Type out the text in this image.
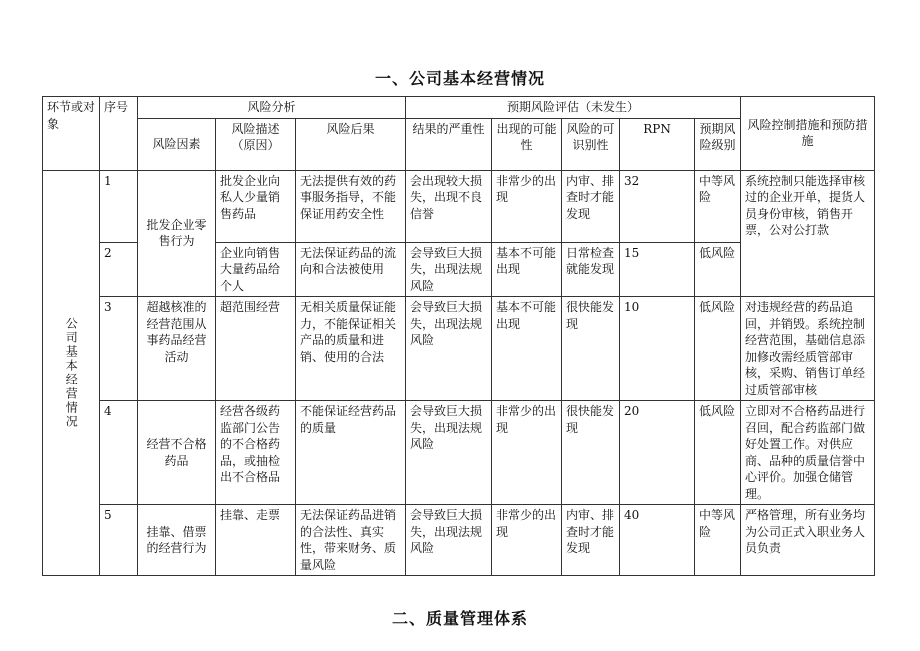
一、公司基本经营情况
环节或对象	序号	风险分析			预期风险评估（未发生）					风险控制措施和预防措施
		风险因素	风险描述（原因）	风险后果	结果的严重性	出现的可能性	风险的可识别性	RPN	预期风险级别	

公司基本经营情况	1	批发企业零售行为	批发企业向私人少量销售药品	无法提供有效的药事服务指导，不能保证用药安全性	会出现较大损失，出现不良信誉	非常少的出现	内审、排查时才能发现	32	中等风险	系统控制只能选择审核过的企业开单，提货人员身份审核，销售开票，公对公打款
	2		企业向销售大量药品给个人	无法保证药品的流向和合法被使用	会导致巨大损失，出现法规风险	基本不可能出现	日常检查就能发现	15	低风险	
	3	超越核准的经营范围从事药品经营活动	超范围经营	无相关质量保证能力，不能保证相关产品的质量和进销、使用的合法	会导致巨大损失，出现法规风险	基本不可能出现	很快能发现	10	低风险	对违规经营的药品追回，并销毁。系统控制经营范围，基础信息添加修改需经质管部审核，采购、销售订单经过质管部审核
	4	经营不合格药品	经营各级药监部门公告的不合格药品，或抽检出不合格品	不能保证经营药品的质量	会导致巨大损失，出现法规风险	非常少的出现	很快能发现	20	低风险	立即对不合格药品进行召回，配合药监部门做好处置工作。对供应商、品种的质量信誉中心评价。加强仓储管理。
	5	挂靠、借票的经营行为	挂靠、走票	无法保证药品进销的合法性、真实性，带来财务、质量风险	会导致巨大损失，出现法规风险	非常少的出现	内审、排查时才能发现	40	中等风险	严格管理，所有业务均为公司正式入职业务人员负责
二、质量管理体系
